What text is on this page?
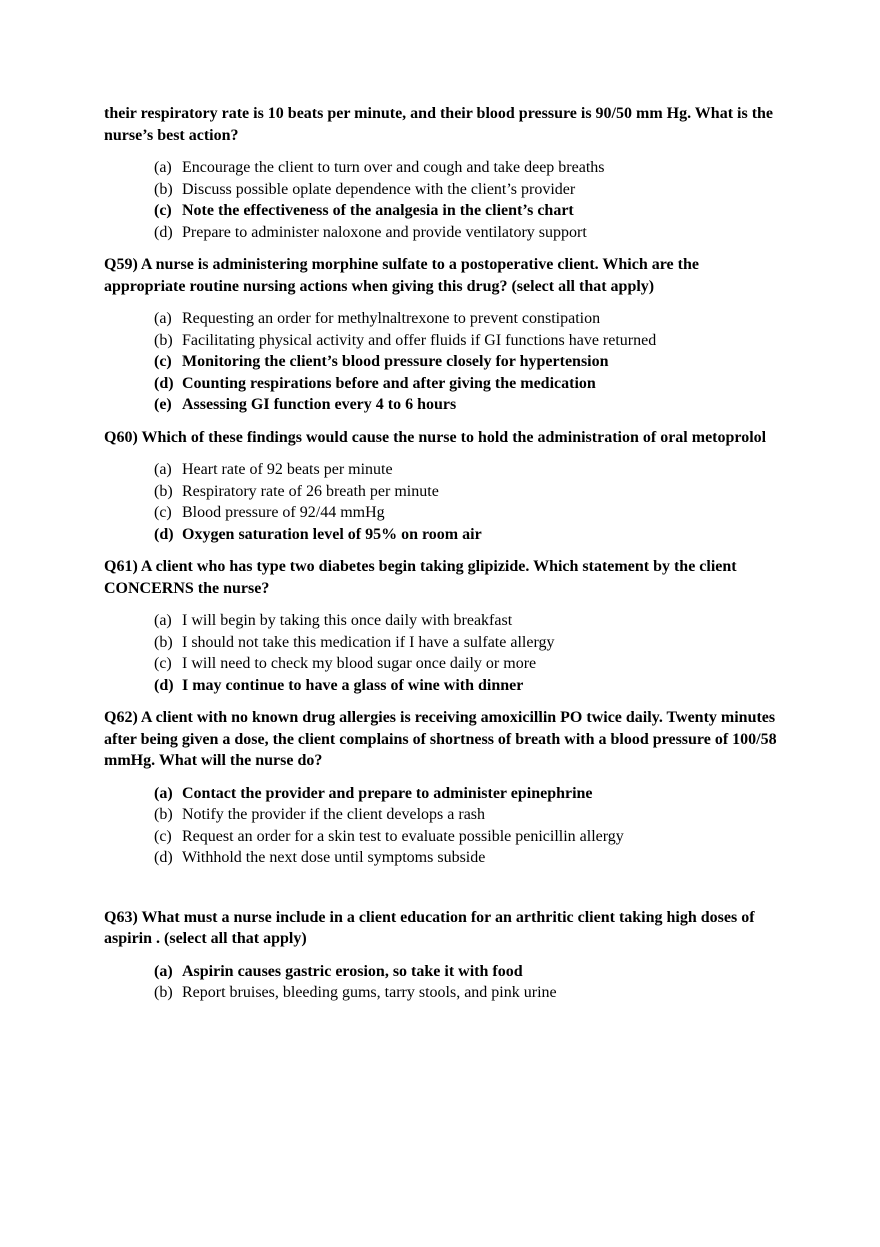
their respiratory rate is 10 beats per minute, and their blood pressure is 90/50 mm Hg. What is the nurse’s best action?

(a) Encourage the client to turn over and cough and take deep breaths
(b) Discuss possible oplate dependence with the client’s provider
(c) Note the effectiveness of the analgesia in the client’s chart
(d) Prepare to administer naloxone and provide ventilatory support

Q59) A nurse is administering morphine sulfate to a postoperative client. Which are the appropriate routine nursing actions when giving this drug? (select all that apply)

(a) Requesting an order for methylnaltrexone to prevent constipation
(b) Facilitating physical activity and offer fluids if GI functions have returned
(c) Monitoring the client’s blood pressure closely for hypertension
(d) Counting respirations before and after giving the medication
(e) Assessing GI function every 4 to 6 hours

Q60) Which of these findings would cause the nurse to hold the administration of oral metoprolol

(a) Heart rate of 92 beats per minute
(b) Respiratory rate of 26 breath per minute
(c) Blood pressure of 92/44 mmHg
(d) Oxygen saturation level of 95% on room air

Q61) A client who has type two diabetes begin taking glipizide. Which statement by the client CONCERNS the nurse?

(a) I will begin by taking this once daily with breakfast
(b) I should not take this medication if I have a sulfate allergy
(c) I will need to check my blood sugar once daily or more
(d) I may continue to have a glass of wine with dinner

Q62) A client with no known drug allergies is receiving amoxicillin PO twice daily. Twenty minutes after being given a dose, the client complains of shortness of breath with a blood pressure of 100/58 mmHg. What will the nurse do?

(a) Contact the provider and prepare to administer epinephrine
(b) Notify the provider if the client develops a rash
(c) Request an order for a skin test to evaluate possible penicillin allergy
(d) Withhold the next dose until symptoms subside

Q63) What must a nurse include in a client education for an arthritic client taking high doses of aspirin . (select all that apply)

(a) Aspirin causes gastric erosion, so take it with food
(b) Report bruises, bleeding gums, tarry stools, and pink urine
